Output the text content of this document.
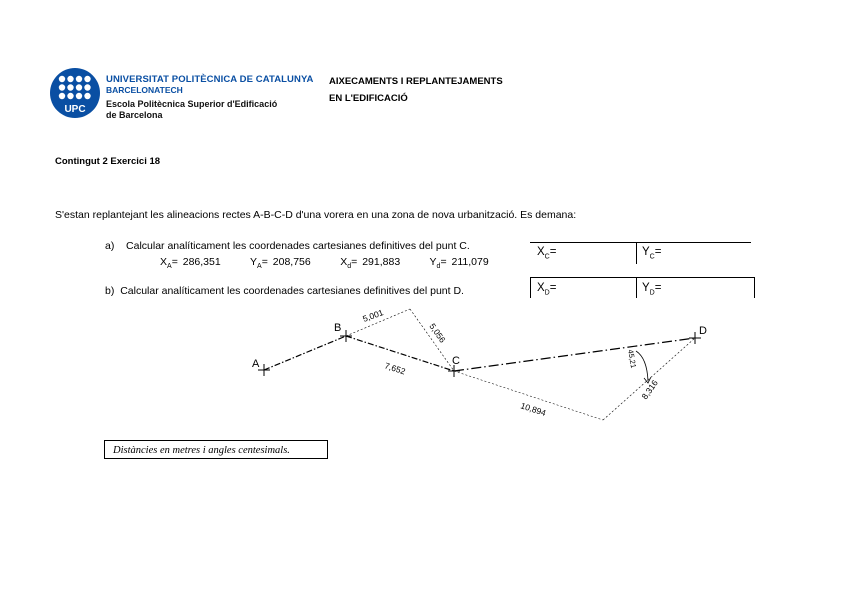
UPC
UNIVERSITAT POLITÈCNICA DE CATALUNYA
BARCELONATECH
Escola Politècnica Superior d'Edificació
de Barcelona
AIXECAMENTS I REPLANTEJAMENTS
EN L'EDIFICACIÓ
Contingut 2 Exercici 18
S'estan replantejant les alineacions rectes A-B-C-D d'una vorera en una zona de nova urbanització. Es demana:
a) Calcular analíticament les coordenades cartesianes definitives del punt C.
$X_A= 286,351$	$Y_A= 208,756$	$X_d= 291,883$	$Y_d= 211,079$
b) Calcular analíticament les coordenades cartesianes definitives del punt D.
$X_C=$	$Y_C=$
$X_D=$	$Y_D=$
A
B
C
D
5,001
5,056
7,652
10,894
8,316
45,21
Distàncies en metres i angles centesimals.
